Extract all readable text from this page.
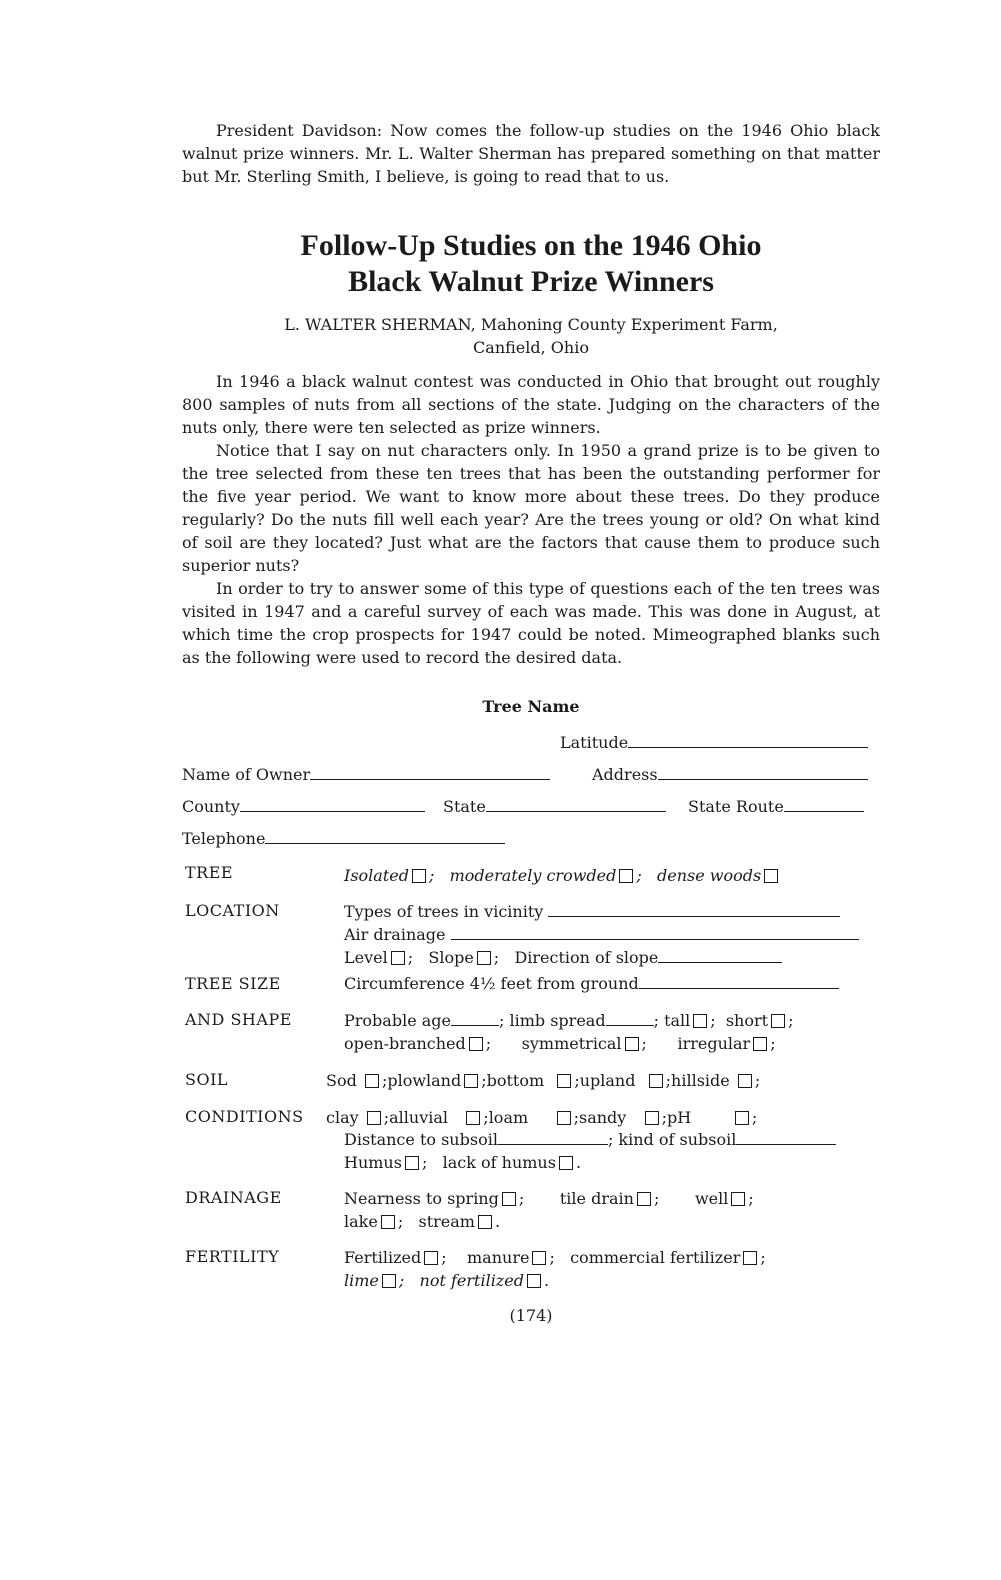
President Davidson: Now comes the follow-up studies on the 1946 Ohio black walnut prize winners. Mr. L. Walter Sherman has prepared something on that matter but Mr. Sterling Smith, I believe, is going to read that to us.

Follow-Up Studies on the 1946 Ohio
Black Walnut Prize Winners
L. WALTER SHERMAN, Mahoning County Experiment Farm,
Canfield, Ohio

In 1946 a black walnut contest was conducted in Ohio that brought out roughly 800 samples of nuts from all sections of the state. Judging on the characters of the nuts only, there were ten selected as prize winners.

Notice that I say on nut characters only. In 1950 a grand prize is to be given to the tree selected from these ten trees that has been the outstanding performer for the five year period. We want to know more about these trees. Do they produce regularly? Do the nuts fill well each year? Are the trees young or old? On what kind of soil are they located? Just what are the factors that cause them to produce such superior nuts?

In order to try to answer some of this type of questions each of the ten trees was visited in 1947 and a careful survey of each was made. This was done in August, at which time the crop prospects for 1947 could be noted. Mimeographed blanks such as the following were used to record the desired data.

Tree Name
Latitude
Name of Owner	Address
County	State	State Route
Telephone
TREE	Isolated ;   moderately crowded ;   dense woods
LOCATION	Types of trees in vicinity
Air drainage
Level ;   Slope ;   Direction of slope
TREE SIZE	Circumference 4½ feet from ground
AND SHAPE	Probable age	; limb spread	; tall ;  short ;
open-branched ;      symmetrical ;      irregular ;
SOIL	Sod ;plowland ;bottom ;upland ;hillside ;
CONDITIONS clay ;alluvial ;loam	;sandy ;pH	;
Distance to subsoil	; kind of subsoil
Humus ;   lack of humus .
DRAINAGE	Nearness to spring ;       tile drain ;       well ;
lake ;   stream .
FERTILITY	Fertilized ;    manure ;   commercial fertilizer ;
lime ;   not fertilized .
(174)
